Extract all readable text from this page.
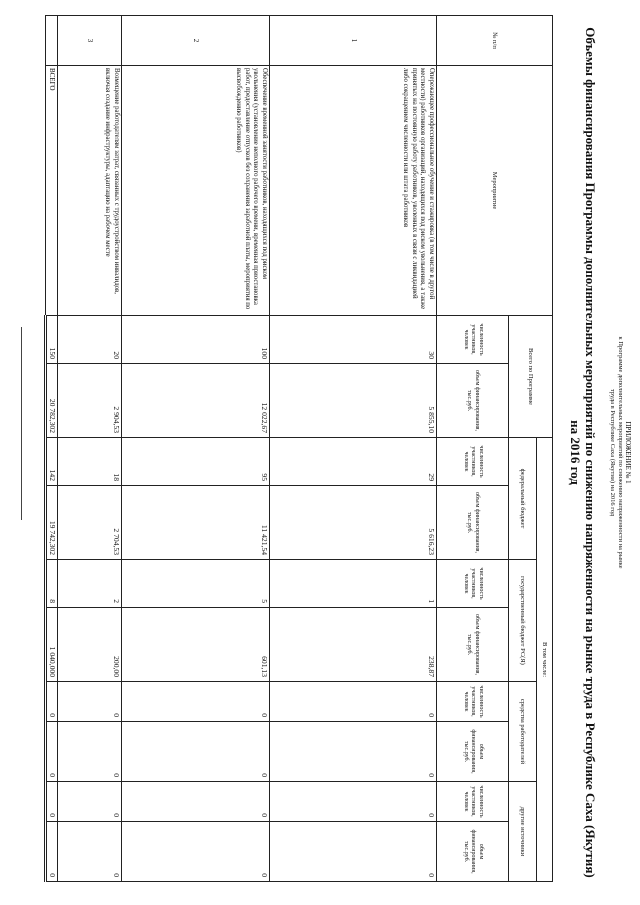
ПРИЛОЖЕНИЕ № 1
к Программе дополнительных мероприятий по снижению напряженности на рынке
труда в Республике Саха (Якутия) на 2016 год
Объемы финансирования Программы дополнительных мероприятий по снижению напряженности на рынке труда в Республике Саха (Якутия)
на 2016 год
№ п/п	Мероприятие	Всего по Программе		В том числе:							
				федеральный бюджет		государственный бюджет РС(Я)		средства работодателей		другие источники	

		численность участников, человек	объем финансирования, тыс.руб.	численность участников, человек	объем финансирования, тыс.руб.	численность участников, человек	объем финансирования, тыс.руб.	численность участников, человек	объем финансирования, тыс.руб.	численность участников, человек	объем финансирования, тыс.руб.
1	Опережающее профессиональное обучение и стажировка (в том числе в другой местности) работников организаций, находящихся под риском увольнения, а также принятых на постоянную работу работников, уволенных в связи с ликвидацией либо сокращением численности или штата работников	30	5 855,10	29	5 616,23	1	238,87	0	0	0	0
2	Обеспечение временной занятости работников, находящихся под риском увольнения (установление неполного рабочего времени, временная приостановка работ, предоставление отпусков без сохранения заработной платы, мероприятия по высвобождению работников)	100	12 022,67	95	11 421,54	5	601,13	0	0	0	0
3	Возмещение работодателям затрат, связанных с трудоустройством инвалидов, включая создание инфраструктуры, адаптацию на рабочем месте	20	2 904,53	18	2 704,53	2	200,00	0	0	0	0
	ВСЕГО	150	20 782,302	142	19 742,302	8	1 040,000	0	0	0	0
